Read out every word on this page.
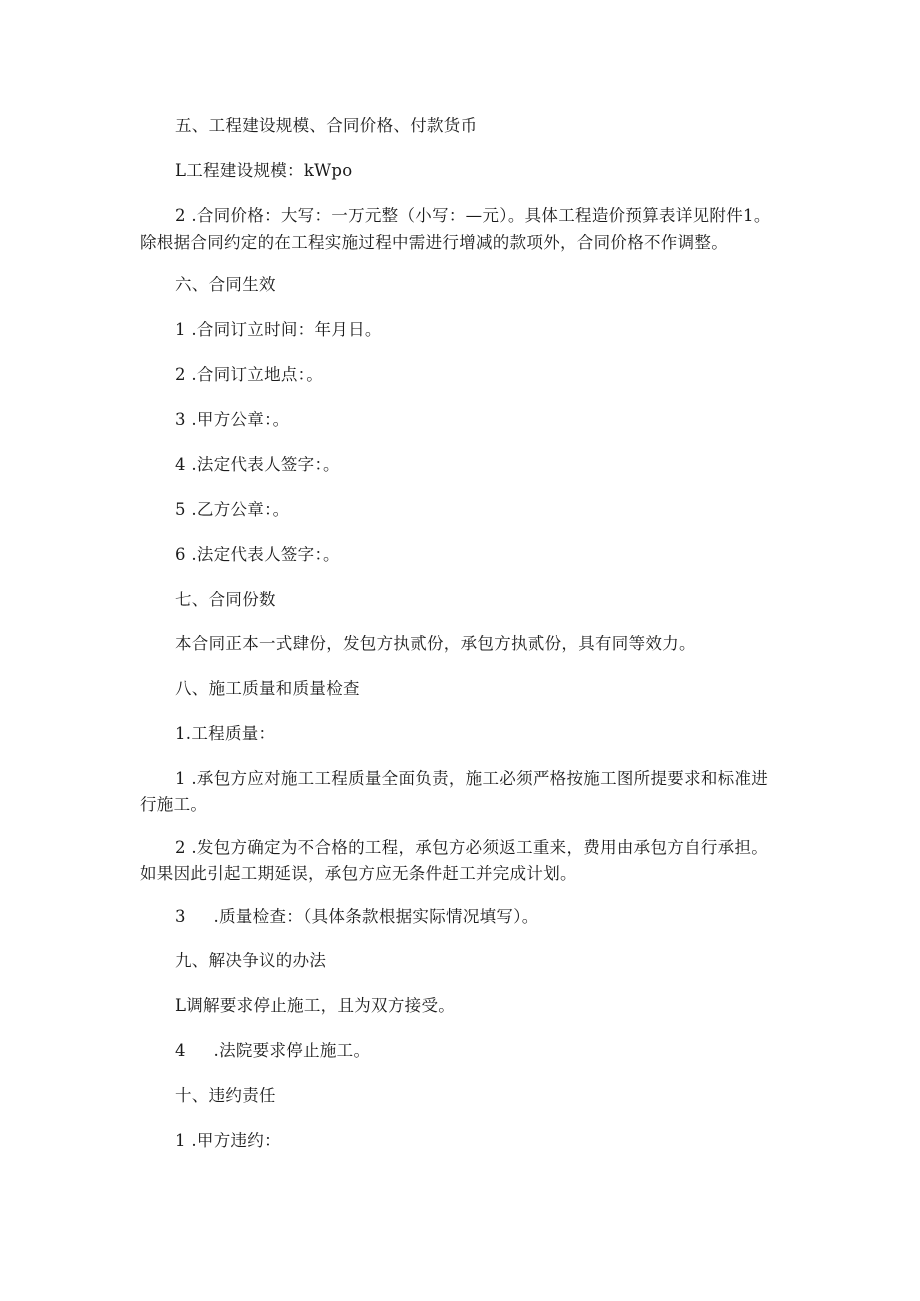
五、工程建设规模、合同价格、付款货币
L工程建设规模：kWpo
2 .合同价格：大写：一万元整（小写：—元）。具体工程造价预算表详见附件1。
除根据合同约定的在工程实施过程中需进行增减的款项外，合同价格不作调整。
六、合同生效
1 .合同订立时间：年月日。
2 .合同订立地点：。
3 .甲方公章：。
4 .法定代表人签字：。
5 .乙方公章：。
6 .法定代表人签字：。
七、合同份数
本合同正本一式肆份，发包方执贰份，承包方执贰份，具有同等效力。
八、施工质量和质量检查
1.工程质量：
1 .承包方应对施工工程质量全面负责，施工必须严格按施工图所提要求和标准进
行施工。
2 .发包方确定为不合格的工程，承包方必须返工重来，费用由承包方自行承担。
如果因此引起工期延误，承包方应无条件赶工并完成计划。
3     .质量检查：（具体条款根据实际情况填写）。
九、解决争议的办法
L调解要求停止施工，且为双方接受。
4     .法院要求停止施工。
十、违约责任
1 .甲方违约：
